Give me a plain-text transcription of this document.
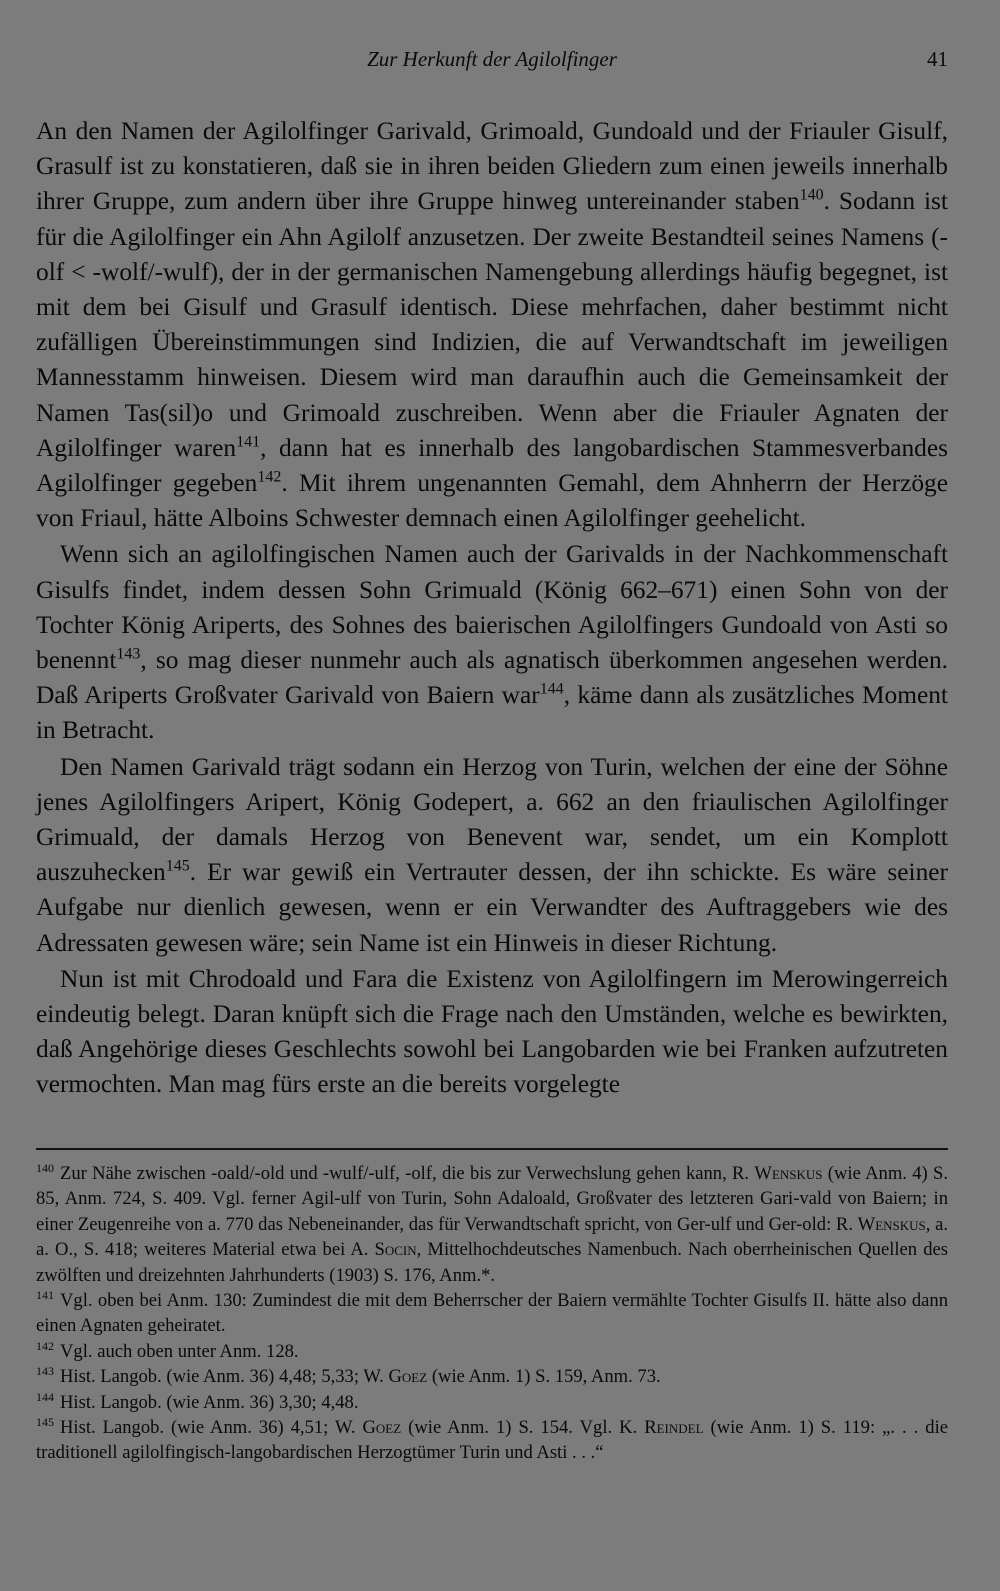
Zur Herkunft der Agilolfinger	41

An den Namen der Agilolfinger Garivald, Grimoald, Gundoald und der Friauler Gisulf, Grasulf ist zu konstatieren, daß sie in ihren beiden Gliedern zum einen jeweils innerhalb ihrer Gruppe, zum andern über ihre Gruppe hinweg untereinander staben$^{140}$. Sodann ist für die Agilolfinger ein Ahn Agilolf anzusetzen. Der zweite Bestandteil seines Namens (-olf < -wolf/-wulf), der in der germanischen Namengebung allerdings häufig begegnet, ist mit dem bei Gisulf und Grasulf identisch. Diese mehrfachen, daher bestimmt nicht zufälligen Übereinstimmungen sind Indizien, die auf Verwandtschaft im jeweiligen Mannesstamm hinweisen. Diesem wird man daraufhin auch die Gemeinsamkeit der Namen Tas(sil)o und Grimoald zuschreiben. Wenn aber die Friauler Agnaten der Agilolfinger waren$^{141}$, dann hat es innerhalb des langobardischen Stammesverbandes Agilolfinger gegeben$^{142}$. Mit ihrem ungenannten Gemahl, dem Ahnherrn der Herzöge von Friaul, hätte Alboins Schwester demnach einen Agilolfinger geehelicht.

Wenn sich an agilolfingischen Namen auch der Garivalds in der Nachkommenschaft Gisulfs findet, indem dessen Sohn Grimuald (König 662–671) einen Sohn von der Tochter König Ariperts, des Sohnes des baierischen Agilolfingers Gundoald von Asti so benennt$^{143}$, so mag dieser nunmehr auch als agnatisch überkommen angesehen werden. Daß Ariperts Großvater Garivald von Baiern war$^{144}$, käme dann als zusätzliches Moment in Betracht.

Den Namen Garivald trägt sodann ein Herzog von Turin, welchen der eine der Söhne jenes Agilolfingers Aripert, König Godepert, a. 662 an den friaulischen Agilolfinger Grimuald, der damals Herzog von Benevent war, sendet, um ein Komplott auszuhecken$^{145}$. Er war gewiß ein Vertrauter dessen, der ihn schickte. Es wäre seiner Aufgabe nur dienlich gewesen, wenn er ein Verwandter des Auftraggebers wie des Adressaten gewesen wäre; sein Name ist ein Hinweis in dieser Richtung.

Nun ist mit Chrodoald und Fara die Existenz von Agilolfingern im Merowingerreich eindeutig belegt. Daran knüpft sich die Frage nach den Umständen, welche es bewirkten, daß Angehörige dieses Geschlechts sowohl bei Langobarden wie bei Franken aufzutreten vermochten. Man mag fürs erste an die bereits vorgelegte

$^{140}$ Zur Nähe zwischen -oald/-old und -wulf/-ulf, -olf, die bis zur Verwechslung gehen kann, R. Wenskus (wie Anm. 4) S. 85, Anm. 724, S. 409. Vgl. ferner Agil-ulf von Turin, Sohn Adaloald, Großvater des letzteren Gari-vald von Baiern; in einer Zeugenreihe von a. 770 das Nebeneinander, das für Verwandtschaft spricht, von Ger-ulf und Ger-old: R. Wenskus, a. a. O., S. 418; weiteres Material etwa bei A. Socin, Mittelhochdeutsches Namenbuch. Nach oberrheinischen Quellen des zwölften und dreizehnten Jahrhunderts (1903) S. 176, Anm.*.

$^{141}$ Vgl. oben bei Anm. 130: Zumindest die mit dem Beherrscher der Baiern vermählte Tochter Gisulfs II. hätte also dann einen Agnaten geheiratet.

$^{142}$ Vgl. auch oben unter Anm. 128.

$^{143}$ Hist. Langob. (wie Anm. 36) 4,48; 5,33; W. Goez (wie Anm. 1) S. 159, Anm. 73.

$^{144}$ Hist. Langob. (wie Anm. 36) 3,30; 4,48.

$^{145}$ Hist. Langob. (wie Anm. 36) 4,51; W. Goez (wie Anm. 1) S. 154. Vgl. K. Reindel (wie Anm. 1) S. 119: „. . . die traditionell agilolfingisch-langobardischen Herzogtümer Turin und Asti . . .“
